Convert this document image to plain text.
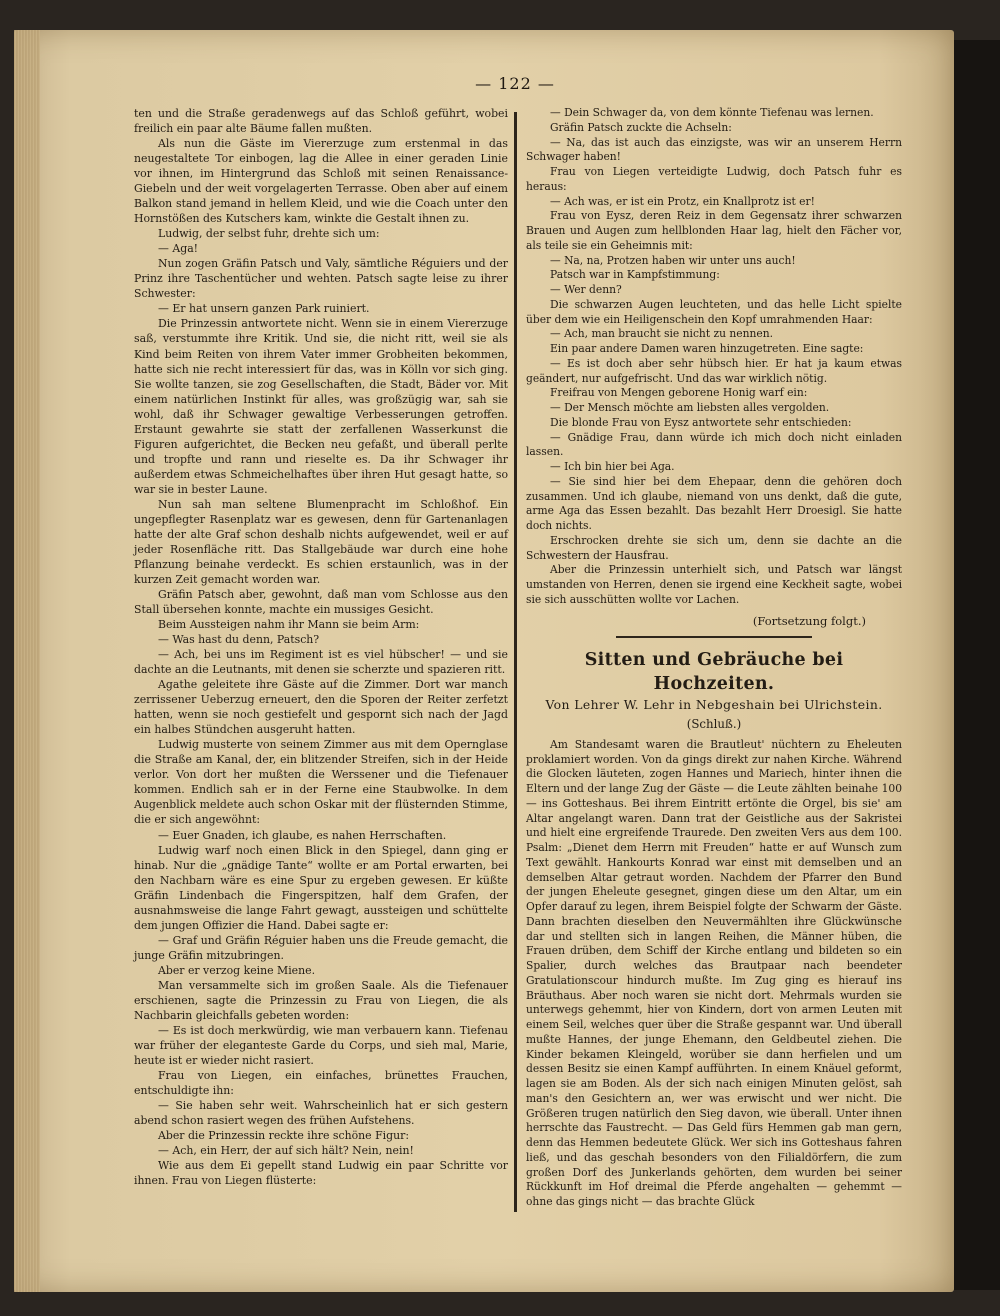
— 122 —

ten und die Straße geradenwegs auf das Schloß geführt, wobei freilich ein paar alte Bäume fallen mußten.

Als nun die Gäste im Viererzuge zum erstenmal in das neugestaltete Tor einbogen, lag die Allee in einer geraden Linie vor ihnen, im Hintergrund das Schloß mit seinen Renaissance-Giebeln und der weit vorgelagerten Terrasse. Oben aber auf einem Balkon stand jemand in hellem Kleid, und wie die Coach unter den Hornstößen des Kutschers kam, winkte die Gestalt ihnen zu.

Ludwig, der selbst fuhr, drehte sich um:

— Aga!

Nun zogen Gräfin Patsch und Valy, sämtliche Réguiers und der Prinz ihre Taschentücher und wehten. Patsch sagte leise zu ihrer Schwester:

— Er hat unsern ganzen Park ruiniert.

Die Prinzessin antwortete nicht. Wenn sie in einem Viererzuge saß, verstummte ihre Kritik. Und sie, die nicht ritt, weil sie als Kind beim Reiten von ihrem Vater immer Grobheiten bekommen, hatte sich nie recht interessiert für das, was in Kölln vor sich ging. Sie wollte tanzen, sie zog Gesellschaften, die Stadt, Bäder vor. Mit einem natürlichen Instinkt für alles, was großzügig war, sah sie wohl, daß ihr Schwager gewaltige Verbesserungen getroffen. Erstaunt gewahrte sie statt der zerfallenen Wasserkunst die Figuren aufgerichtet, die Becken neu gefaßt, und überall perlte und tropfte und rann und rieselte es. Da ihr Schwager ihr außerdem etwas Schmeichelhaftes über ihren Hut gesagt hatte, so war sie in bester Laune.

Nun sah man seltene Blumenpracht im Schloßhof. Ein ungepflegter Rasenplatz war es gewesen, denn für Gartenanlagen hatte der alte Graf schon deshalb nichts aufgewendet, weil er auf jeder Rosenfläche ritt. Das Stallgebäude war durch eine hohe Pflanzung beinahe verdeckt. Es schien erstaunlich, was in der kurzen Zeit gemacht worden war.

Gräfin Patsch aber, gewohnt, daß man vom Schlosse aus den Stall übersehen konnte, machte ein mussiges Gesicht.

Beim Aussteigen nahm ihr Mann sie beim Arm:

— Was hast du denn, Patsch?

— Ach, bei uns im Regiment ist es viel hübscher! — und sie dachte an die Leutnants, mit denen sie scherzte und spazieren ritt.

Agathe geleitete ihre Gäste auf die Zimmer. Dort war manch zerrissener Ueberzug erneuert, den die Sporen der Reiter zerfetzt hatten, wenn sie noch gestiefelt und gespornt sich nach der Jagd ein halbes Stündchen ausgeruht hatten.

Ludwig musterte von seinem Zimmer aus mit dem Opernglase die Straße am Kanal, der, ein blitzender Streifen, sich in der Heide verlor. Von dort her mußten die Werssener und die Tiefenauer kommen. Endlich sah er in der Ferne eine Staubwolke. In dem Augenblick meldete auch schon Oskar mit der flüsternden Stimme, die er sich angewöhnt:

— Euer Gnaden, ich glaube, es nahen Herrschaften.

Ludwig warf noch einen Blick in den Spiegel, dann ging er hinab. Nur die „gnädige Tante“ wollte er am Portal erwarten, bei den Nachbarn wäre es eine Spur zu ergeben gewesen. Er küßte Gräfin Lindenbach die Fingerspitzen, half dem Grafen, der ausnahmsweise die lange Fahrt gewagt, aussteigen und schüttelte dem jungen Offizier die Hand. Dabei sagte er:

— Graf und Gräfin Réguier haben uns die Freude gemacht, die junge Gräfin mitzubringen.

Aber er verzog keine Miene.

Man versammelte sich im großen Saale. Als die Tiefenauer erschienen, sagte die Prinzessin zu Frau von Liegen, die als Nachbarin gleichfalls gebeten worden:

— Es ist doch merkwürdig, wie man verbauern kann. Tiefenau war früher der eleganteste Garde du Corps, und sieh mal, Marie, heute ist er wieder nicht rasiert.

Frau von Liegen, ein einfaches, brünettes Frauchen, entschuldigte ihn:

— Sie haben sehr weit. Wahrscheinlich hat er sich gestern abend schon rasiert wegen des frühen Aufstehens.

Aber die Prinzessin reckte ihre schöne Figur:

— Ach, ein Herr, der auf sich hält? Nein, nein!

Wie aus dem Ei gepellt stand Ludwig ein paar Schritte vor ihnen. Frau von Liegen flüsterte:

— Dein Schwager da, von dem könnte Tiefenau was lernen.

Gräfin Patsch zuckte die Achseln:

— Na, das ist auch das einzigste, was wir an unserem Herrn Schwager haben!

Frau von Liegen verteidigte Ludwig, doch Patsch fuhr es heraus:

— Ach was, er ist ein Protz, ein Knallprotz ist er!

Frau von Eysz, deren Reiz in dem Gegensatz ihrer schwarzen Brauen und Augen zum hellblonden Haar lag, hielt den Fächer vor, als teile sie ein Geheimnis mit:

— Na, na, Protzen haben wir unter uns auch!

Patsch war in Kampfstimmung:

— Wer denn?

Die schwarzen Augen leuchteten, und das helle Licht spielte über dem wie ein Heiligenschein den Kopf umrahmenden Haar:

— Ach, man braucht sie nicht zu nennen.

Ein paar andere Damen waren hinzugetreten. Eine sagte:

— Es ist doch aber sehr hübsch hier. Er hat ja kaum etwas geändert, nur aufgefrischt. Und das war wirklich nötig.

Freifrau von Mengen geborene Honig warf ein:

— Der Mensch möchte am liebsten alles vergolden.

Die blonde Frau von Eysz antwortete sehr entschieden:

— Gnädige Frau, dann würde ich mich doch nicht einladen lassen.

— Ich bin hier bei Aga.

— Sie sind hier bei dem Ehepaar, denn die gehören doch zusammen. Und ich glaube, niemand von uns denkt, daß die gute, arme Aga das Essen bezahlt. Das bezahlt Herr Droesigl. Sie hatte doch nichts.

Erschrocken drehte sie sich um, denn sie dachte an die Schwestern der Hausfrau.

Aber die Prinzessin unterhielt sich, und Patsch war längst umstanden von Herren, denen sie irgend eine Keckheit sagte, wobei sie sich ausschütten wollte vor Lachen.

(Fortsetzung folgt.)

Sitten und Gebräuche bei Hochzeiten.

Von Lehrer W. Lehr in Nebgeshain bei Ulrichstein.

(Schluß.)

Am Standesamt waren die Brautleut' nüchtern zu Eheleuten proklamiert worden. Von da gings direkt zur nahen Kirche. Während die Glocken läuteten, zogen Hannes und Mariech, hinter ihnen die Eltern und der lange Zug der Gäste — die Leute zählten beinahe 100 — ins Gotteshaus. Bei ihrem Eintritt ertönte die Orgel, bis sie' am Altar angelangt waren. Dann trat der Geistliche aus der Sakristei und hielt eine ergreifende Traurede. Den zweiten Vers aus dem 100. Psalm: „Dienet dem Herrn mit Freuden“ hatte er auf Wunsch zum Text gewählt. Hankourts Konrad war einst mit demselben und an demselben Altar getraut worden. Nachdem der Pfarrer den Bund der jungen Eheleute gesegnet, gingen diese um den Altar, um ein Opfer darauf zu legen, ihrem Beispiel folgte der Schwarm der Gäste. Dann brachten dieselben den Neuvermählten ihre Glückwünsche dar und stellten sich in langen Reihen, die Männer hüben, die Frauen drüben, dem Schiff der Kirche entlang und bildeten so ein Spalier, durch welches das Brautpaar nach beendeter Gratulationscour hindurch mußte. Im Zug ging es hierauf ins Bräuthaus. Aber noch waren sie nicht dort. Mehrmals wurden sie unterwegs gehemmt, hier von Kindern, dort von armen Leuten mit einem Seil, welches quer über die Straße gespannt war. Und überall mußte Hannes, der junge Ehemann, den Geldbeutel ziehen. Die Kinder bekamen Kleingeld, worüber sie dann herfielen und um dessen Besitz sie einen Kampf aufführten. In einem Knäuel geformt, lagen sie am Boden. Als der sich nach einigen Minuten gelöst, sah man's den Gesichtern an, wer was erwischt und wer nicht. Die Größeren trugen natürlich den Sieg davon, wie überall. Unter ihnen herrschte das Faustrecht. — Das Geld fürs Hemmen gab man gern, denn das Hemmen bedeutete Glück. Wer sich ins Gotteshaus fahren ließ, und das geschah besonders von den Filialdörfern, die zum großen Dorf des Junkerlands gehörten, dem wurden bei seiner Rückkunft im Hof dreimal die Pferde angehalten — gehemmt — ohne das gings nicht — das brachte Glück
